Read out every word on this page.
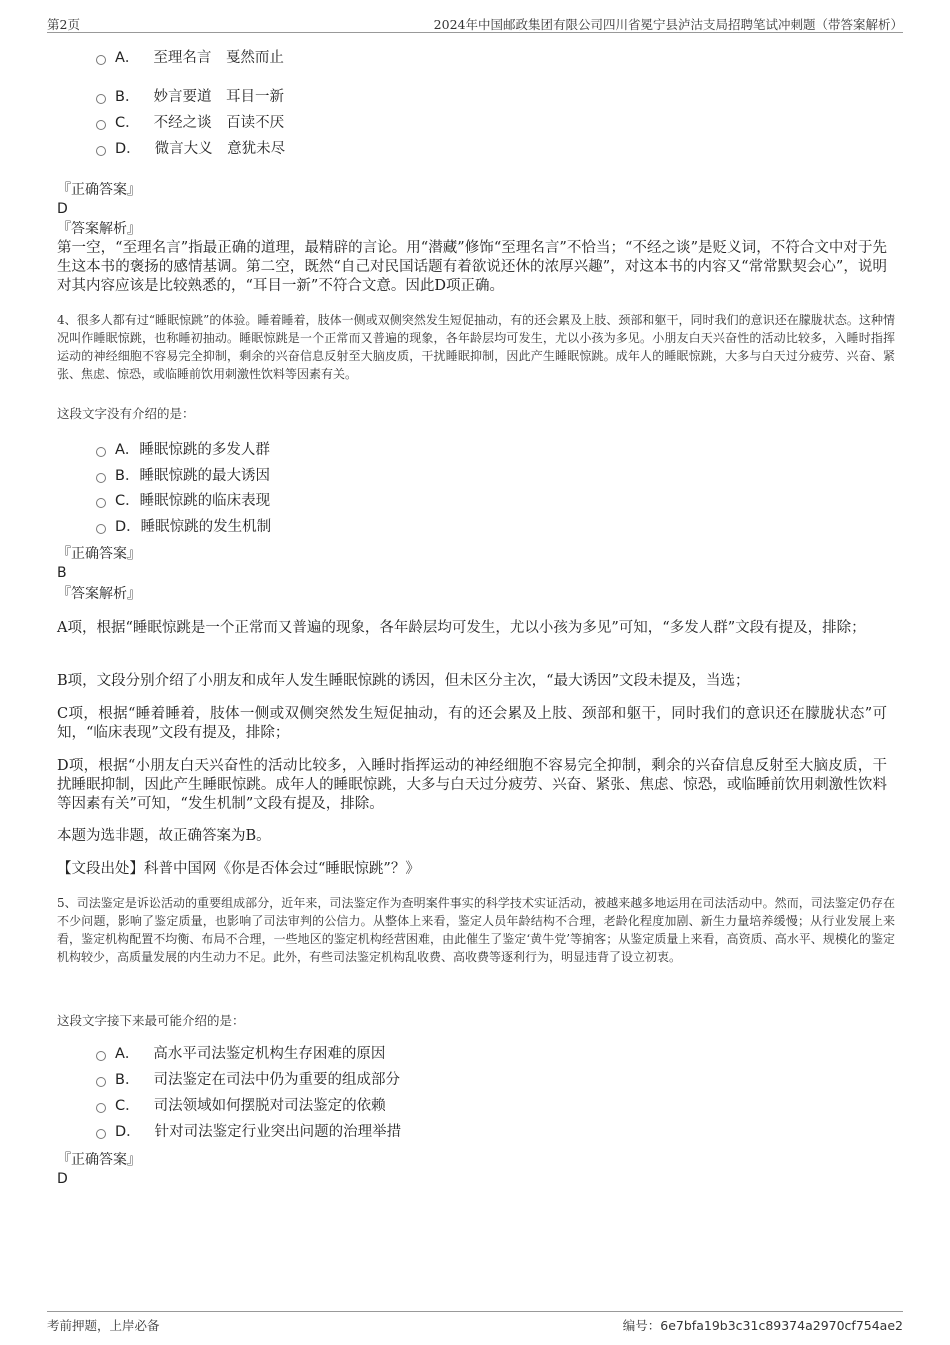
第2页	2024年中国邮政集团有限公司四川省冕宁县泸沽支局招聘笔试冲刺题（带答案解析）
A． 至理名言　戛然而止
B． 妙言要道　耳目一新
C． 不经之谈　百读不厌
D． 微言大义　意犹未尽
『正确答案』
D
『答案解析』
第一空，“至理名言”指最正确的道理，最精辟的言论。用“潜藏”修饰“至理名言”不恰当；“不经之谈”是贬义词，不符合文中对于先生这本书的褒扬的感情基调。第二空，既然“自己对民国话题有着欲说还休的浓厚兴趣”，对这本书的内容又“常常默契会心”，说明对其内容应该是比较熟悉的，“耳目一新”不符合文意。因此D项正确。
4、很多人都有过“睡眠惊跳”的体验。睡着睡着，肢体一侧或双侧突然发生短促抽动，有的还会累及上肢、颈部和躯干，同时我们的意识还在朦胧状态。这种情况叫作睡眠惊跳，也称睡初抽动。睡眠惊跳是一个正常而又普遍的现象，各年龄层均可发生，尤以小孩为多见。小朋友白天兴奋性的活动比较多，入睡时指挥运动的神经细胞不容易完全抑制，剩余的兴奋信息反射至大脑皮质，干扰睡眠抑制，因此产生睡眠惊跳。成年人的睡眠惊跳，大多与白天过分疲劳、兴奋、紧张、焦虑、惊恐，或临睡前饮用刺激性饮料等因素有关。
这段文字没有介绍的是：
A．睡眠惊跳的多发人群
B．睡眠惊跳的最大诱因
C．睡眠惊跳的临床表现
D．睡眠惊跳的发生机制
『正确答案』
B
『答案解析』
A项，根据“睡眠惊跳是一个正常而又普遍的现象，各年龄层均可发生，尤以小孩为多见”可知，“多发人群”文段有提及，排除；
B项，文段分别介绍了小朋友和成年人发生睡眠惊跳的诱因，但未区分主次，“最大诱因”文段未提及，当选；
C项，根据“睡着睡着，肢体一侧或双侧突然发生短促抽动，有的还会累及上肢、颈部和躯干，同时我们的意识还在朦胧状态”可知，“临床表现”文段有提及，排除；
D项，根据“小朋友白天兴奋性的活动比较多，入睡时指挥运动的神经细胞不容易完全抑制，剩余的兴奋信息反射至大脑皮质，干扰睡眠抑制，因此产生睡眠惊跳。成年人的睡眠惊跳，大多与白天过分疲劳、兴奋、紧张、焦虑、惊恐，或临睡前饮用刺激性饮料等因素有关”可知，“发生机制”文段有提及，排除。
本题为选非题，故正确答案为B。
【文段出处】科普中国网《你是否体会过“睡眠惊跳”？》
5、司法鉴定是诉讼活动的重要组成部分，近年来，司法鉴定作为查明案件事实的科学技术实证活动，被越来越多地运用在司法活动中。然而，司法鉴定仍存在不少问题，影响了鉴定质量，也影响了司法审判的公信力。从整体上来看，鉴定人员年龄结构不合理，老龄化程度加剧、新生力量培养缓慢；从行业发展上来看，鉴定机构配置不均衡、布局不合理，一些地区的鉴定机构经营困难，由此催生了鉴定‘黄牛党’等掮客；从鉴定质量上来看，高资质、高水平、规模化的鉴定机构较少，高质量发展的内生动力不足。此外，有些司法鉴定机构乱收费、高收费等逐利行为，明显违背了设立初衷。
这段文字接下来最可能介绍的是：
A． 高水平司法鉴定机构生存困难的原因
B． 司法鉴定在司法中仍为重要的组成部分
C． 司法领域如何摆脱对司法鉴定的依赖
D． 针对司法鉴定行业突出问题的治理举措
『正确答案』
D
考前押题，上岸必备	编号：6e7bfa19b3c31c89374a2970cf754ae2
